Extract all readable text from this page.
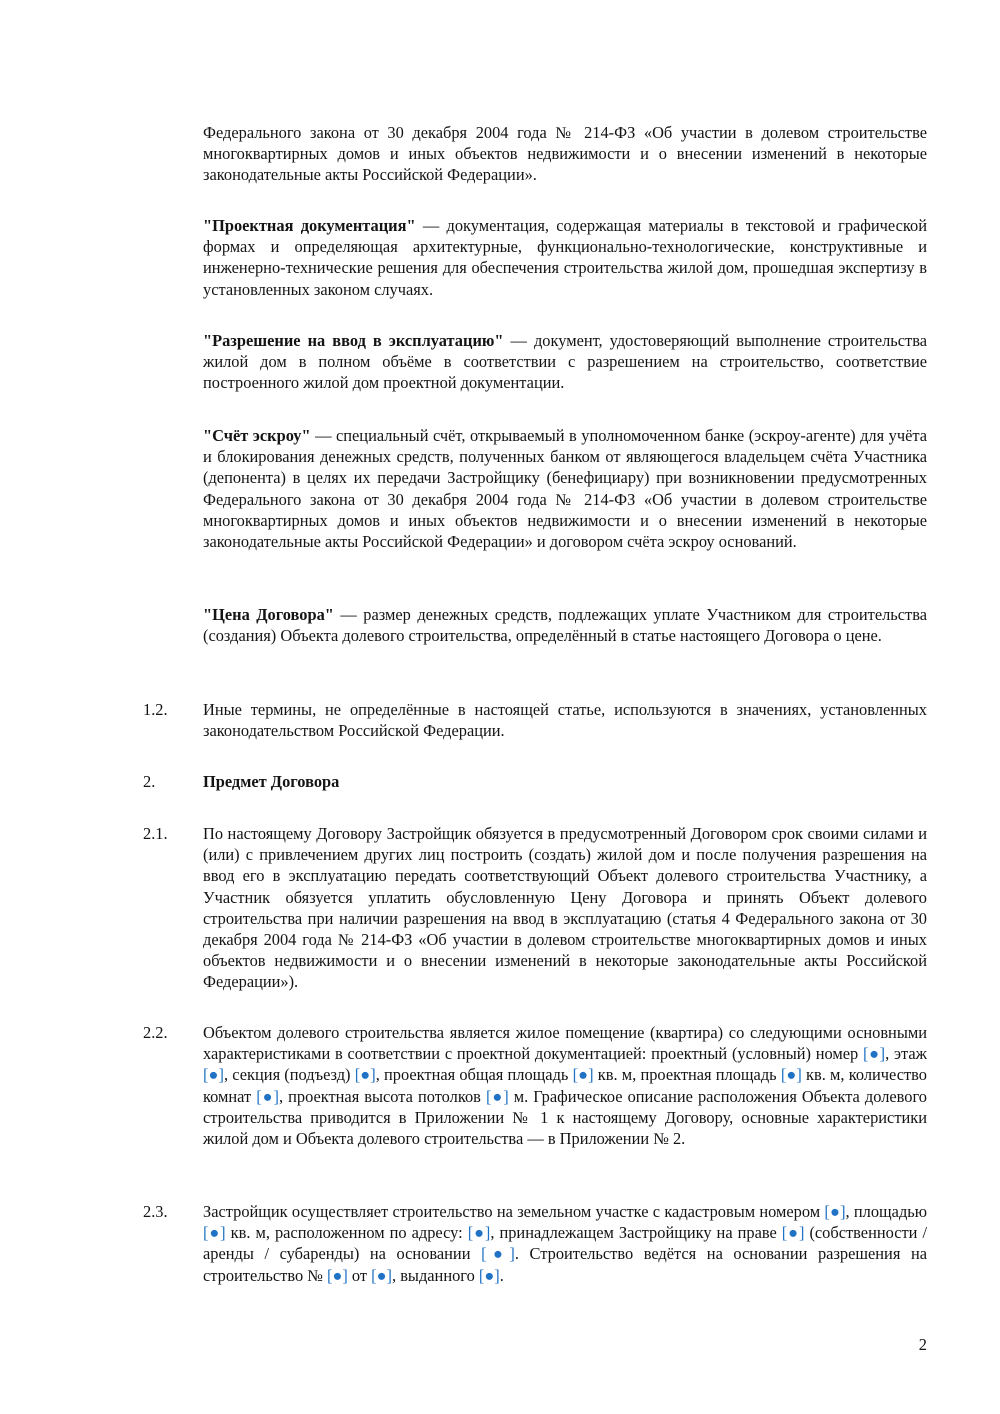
Федерального закона от 30 декабря 2004 года № 214-ФЗ «Об участии в долевом строительстве многоквартирных домов и иных объектов недвижимости и о внесении изменений в некоторые законодательные акты Российской Федерации».

"Проектная документация" — документация, содержащая материалы в текстовой и графической формах и определяющая архитектурные, функционально-технологические, конструктивные и инженерно-технические решения для обеспечения строительства жилой дом, прошедшая экспертизу в установленных законом случаях.

"Разрешение на ввод в эксплуатацию" — документ, удостоверяющий выполнение строительства жилой дом в полном объёме в соответствии с разрешением на строительство, соответствие построенного жилой дом проектной документации.

"Счёт эскроу" — специальный счёт, открываемый в уполномоченном банке (эскроу-агенте) для учёта и блокирования денежных средств, полученных банком от являющегося владельцем счёта Участника (депонента) в целях их передачи Застройщику (бенефициару) при возникновении предусмотренных Федерального закона от 30 декабря 2004 года № 214-ФЗ «Об участии в долевом строительстве многоквартирных домов и иных объектов недвижимости и о внесении изменений в некоторые законодательные акты Российской Федерации» и договором счёта эскроу оснований.

"Цена Договора" — размер денежных средств, подлежащих уплате Участником для строительства (создания) Объекта долевого строительства, определённый в статье настоящего Договора о цене.

1.2. Иные термины, не определённые в настоящей статье, используются в значениях, установленных законодательством Российской Федерации.

2.	Предмет Договора

2.1. По настоящему Договору Застройщик обязуется в предусмотренный Договором срок своими силами и (или) с привлечением других лиц построить (создать) жилой дом и после получения разрешения на ввод его в эксплуатацию передать соответствующий Объект долевого строительства Участнику, а Участник обязуется уплатить обусловленную Цену Договора и принять Объект долевого строительства при наличии разрешения на ввод в эксплуатацию (статья 4 Федерального закона от 30 декабря 2004 года № 214-ФЗ «Об участии в долевом строительстве многоквартирных домов и иных объектов недвижимости и о внесении изменений в некоторые законодательные акты Российской Федерации»).

2.2. Объектом долевого строительства является жилое помещение (квартира) со следующими основными характеристиками в соответствии с проектной документацией: проектный (условный) номер [●], этаж [●], секция (подъезд) [●], проектная общая площадь [●] кв. м, проектная площадь [●] кв. м, количество комнат [●], проектная высота потолков [●] м. Графическое описание расположения Объекта долевого строительства приводится в Приложении № 1 к настоящему Договору, основные характеристики жилой дом и Объекта долевого строительства — в Приложении № 2.

2.3. Застройщик осуществляет строительство на земельном участке с кадастровым номером [●], площадью [●] кв. м, расположенном по адресу: [●], принадлежащем Застройщику на праве [●] (собственности / аренды / субаренды) на основании [●]. Строительство ведётся на основании разрешения на строительство № [●] от [●], выданного [●].

2
